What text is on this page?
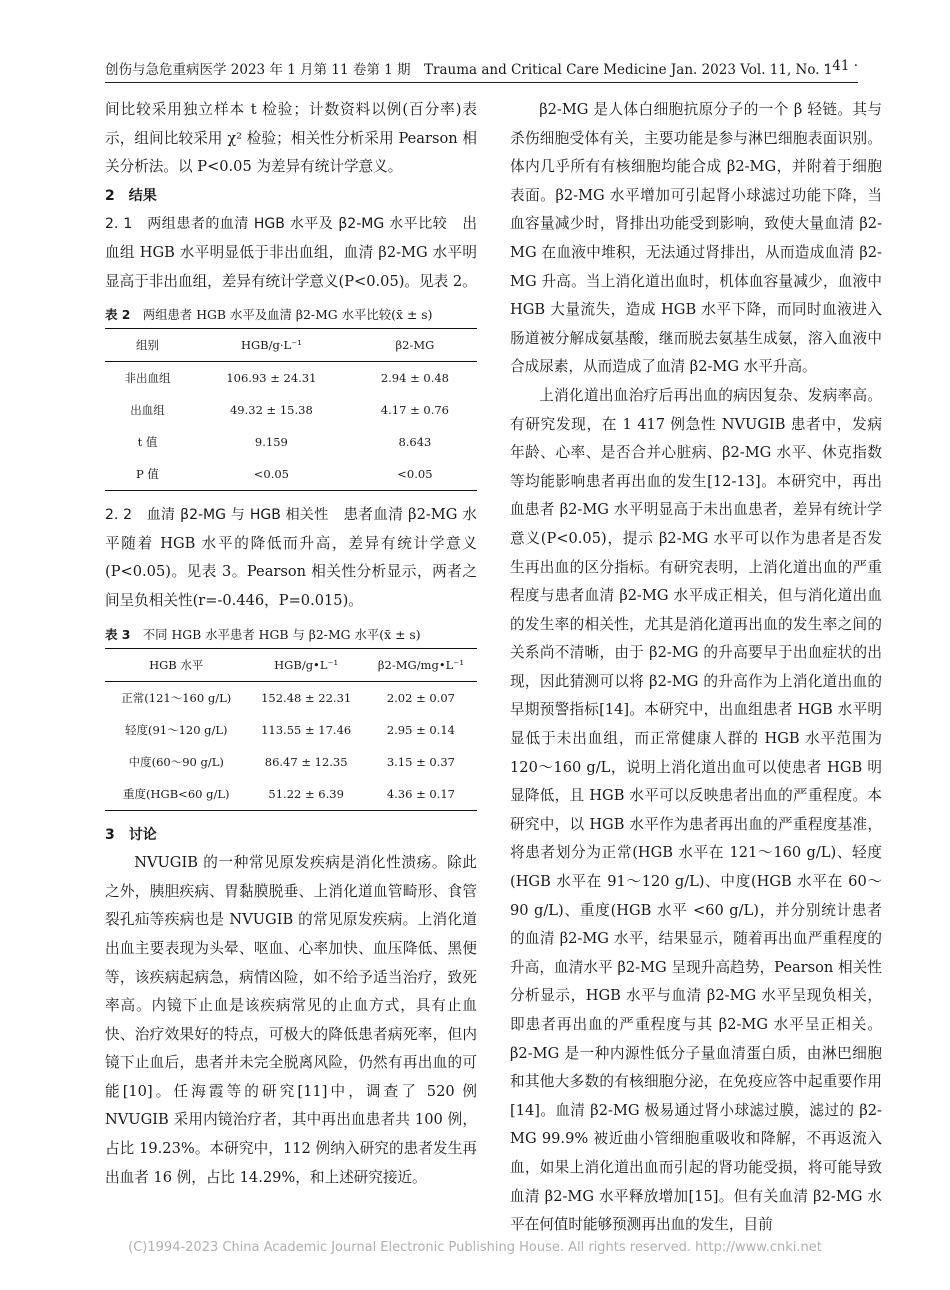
创伤与急危重病医学 2023 年 1 月第 11 卷第 1 期　Trauma and Critical Care Medicine Jan. 2023 Vol. 11, No. 1
· 41 ·

间比较采用独立样本 t 检验；计数资料以例(百分率)表示，组间比较采用 χ² 检验；相关性分析采用 Pearson 相关分析法。以 P<0.05 为差异有统计学意义。

2　结果

2. 1　两组患者的血清 HGB 水平及 β2-MG 水平比较　 出血组 HGB 水平明显低于非出血组，血清 β2-MG 水平明显高于非出血组，差异有统计学意义(P<0.05)。见表 2。

表 2　 两组患者 HGB 水平及血清 β2-MG 水平比较(x̄ ± s)
组别	HGB/g·L⁻¹	β2-MG
非出血组	106.93 ± 24.31	2.94 ± 0.48
出血组	49.32 ± 15.38	4.17 ± 0.76
t 值	9.159	8.643
P 值	<0.05	<0.05

2. 2　血清 β2-MG 与 HGB 相关性　 患者血清 β2-MG 水平随着 HGB 水平的降低而升高，差异有统计学意义(P<0.05)。见表 3。Pearson 相关性分析显示，两者之间呈负相关性(r=-0.446，P=0.015)。

表 3　 不同 HGB 水平患者 HGB 与 β2-MG 水平(x̄ ± s)
HGB 水平	HGB/g•L⁻¹	β2-MG/mg•L⁻¹
正常(121～160 g/L)	152.48 ± 22.31	2.02 ± 0.07
轻度(91～120 g/L)	113.55 ± 17.46	2.95 ± 0.14
中度(60～90 g/L)	86.47 ± 12.35	3.15 ± 0.37
重度(HGB<60 g/L)	51.22 ± 6.39	4.36 ± 0.17

3　讨论

NVUGIB 的一种常见原发疾病是消化性溃疡。除此之外，胰胆疾病、胃黏膜脱垂、上消化道血管畸形、食管裂孔疝等疾病也是 NVUGIB 的常见原发疾病。上消化道出血主要表现为头晕、呕血、心率加快、血压降低、黑便等，该疾病起病急，病情凶险，如不给予适当治疗，致死率高。内镜下止血是该疾病常见的止血方式，具有止血快、治疗效果好的特点，可极大的降低患者病死率，但内镜下止血后，患者并未完全脱离风险，仍然有再出血的可能[10]。任海霞等的研究[11]中，调查了 520 例 NVUGIB 采用内镜治疗者，其中再出血患者共 100 例，占比 19.23%。本研究中，112 例纳入研究的患者发生再出血者 16 例，占比 14.29%，和上述研究接近。

β2-MG 是人体白细胞抗原分子的一个 β 轻链。其与杀伤细胞受体有关，主要功能是参与淋巴细胞表面识别。体内几乎所有有核细胞均能合成 β2-MG，并附着于细胞表面。β2-MG 水平增加可引起肾小球滤过功能下降，当血容量减少时，肾排出功能受到影响，致使大量血清 β2-MG 在血液中堆积，无法通过肾排出，从而造成血清 β2-MG 升高。当上消化道出血时，机体血容量减少，血液中 HGB 大量流失，造成 HGB 水平下降，而同时血液进入肠道被分解成氨基酸，继而脱去氨基生成氨，溶入血液中合成尿素，从而造成了血清 β2-MG 水平升高。

上消化道出血治疗后再出血的病因复杂、发病率高。有研究发现，在 1 417 例急性 NVUGIB 患者中，发病年龄、心率、是否合并心脏病、β2-MG 水平、休克指数等均能影响患者再出血的发生[12-13]。本研究中，再出血患者 β2-MG 水平明显高于未出血患者，差异有统计学意义(P<0.05)，提示 β2-MG 水平可以作为患者是否发生再出血的区分指标。有研究表明，上消化道出血的严重程度与患者血清 β2-MG 水平成正相关，但与消化道出血的发生率的相关性，尤其是消化道再出血的发生率之间的关系尚不清晰，由于 β2-MG 的升高要早于出血症状的出现，因此猜测可以将 β2-MG 的升高作为上消化道出血的早期预警指标[14]。本研究中，出血组患者 HGB 水平明显低于未出血组，而正常健康人群的 HGB 水平范围为 120～160 g/L，说明上消化道出血可以使患者 HGB 明显降低，且 HGB 水平可以反映患者出血的严重程度。本研究中，以 HGB 水平作为患者再出血的严重程度基准，将患者划分为正常(HGB 水平在 121～160 g/L)、轻度(HGB 水平在 91～120 g/L)、中度(HGB 水平在 60～90 g/L)、重度(HGB 水平 <60 g/L)，并分别统计患者的血清 β2-MG 水平，结果显示，随着再出血严重程度的升高，血清水平 β2-MG 呈现升高趋势，Pearson 相关性分析显示，HGB 水平与血清 β2-MG 水平呈现负相关，即患者再出血的严重程度与其 β2-MG 水平呈正相关。β2-MG 是一种内源性低分子量血清蛋白质，由淋巴细胞和其他大多数的有核细胞分泌，在免疫应答中起重要作用[14]。血清 β2-MG 极易通过肾小球滤过膜，滤过的 β2-MG 99.9% 被近曲小管细胞重吸收和降解，不再返流入血，如果上消化道出血而引起的肾功能受损，将可能导致血清 β2-MG 水平释放增加[15]。但有关血清 β2-MG 水平在何值时能够预测再出血的发生，目前

(C)1994-2023 China Academic Journal Electronic Publishing House. All rights reserved. http://www.cnki.net
